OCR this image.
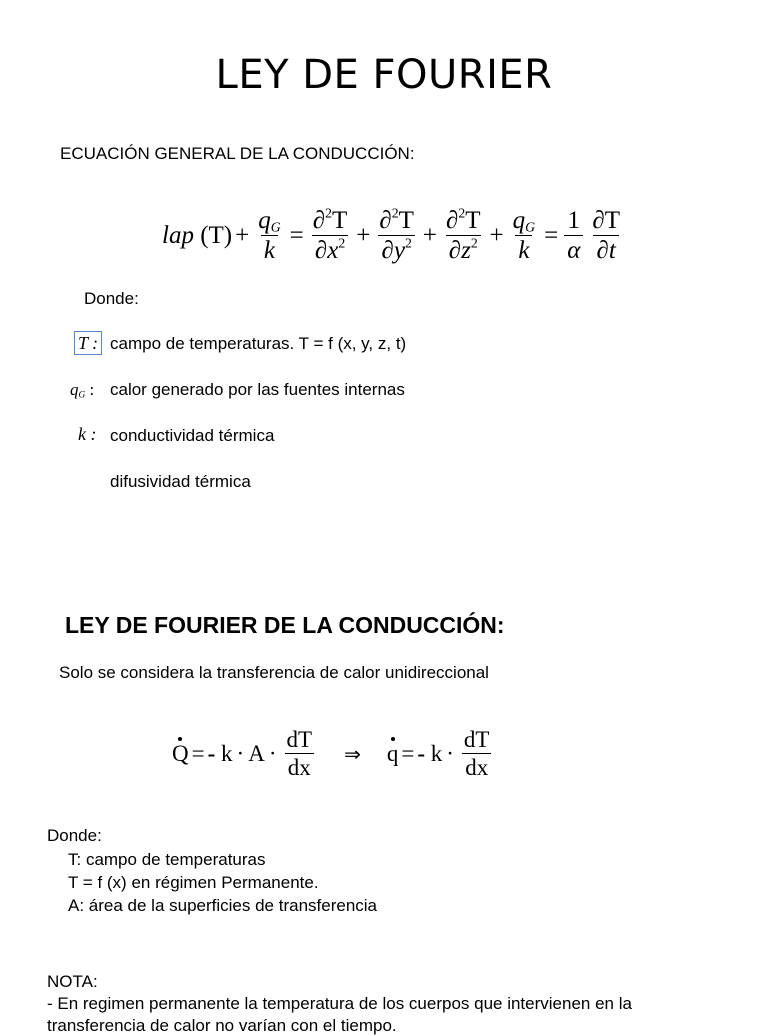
LEY DE FOURIER
ECUACIÓN GENERAL DE LA CONDUCCIÓN:
lap
$(T) + \frac{q_G}{k} = \frac{\partial^2T}{\partial x^2} + \frac{\partial^2T}{\partial y^2} + \frac{\partial^2T}{\partial z^2} + \frac{q_G}{k} = \frac{1}{\alpha} \frac{\partial T}{\partial t}$
Donde:
T : campo de temperaturas. T = f (x, y, z, t)
$q_G$ : calor generado por las fuentes internas
k : conductividad térmica
difusividad térmica
LEY DE FOURIER DE LA CONDUCCIÓN:
Solo se considera la transferencia de calor unidireccional
Q = -
$k \cdot A \cdot \frac{dT}{dx}$ ⇒ q = -
$k \cdot \frac{dT}{dx}$
Donde:
T: campo de temperaturas
T = f (x) en régimen Permanente.
A: área de la superficies de transferencia
NOTA:
- En regimen permanente la temperatura de los cuerpos que intervienen en la
transferencia de calor no varían con el tiempo.
